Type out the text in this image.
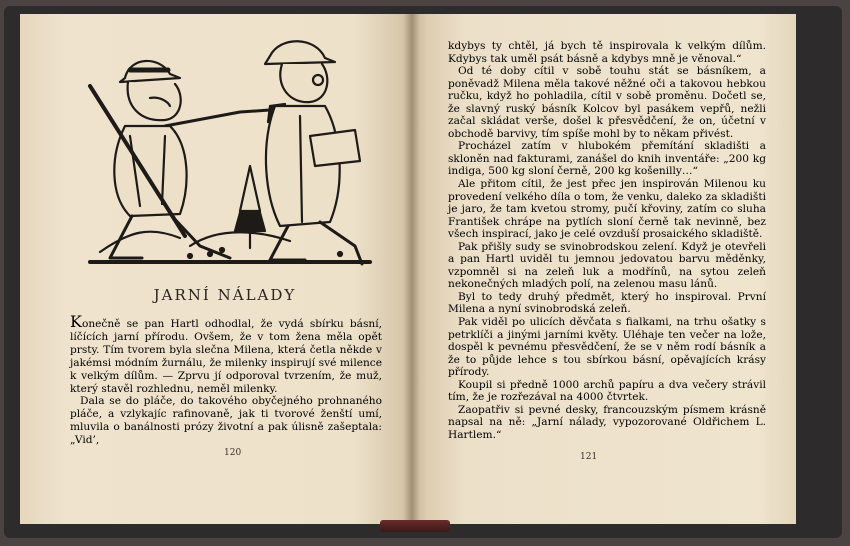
JARNÍ NÁLADY

Konečně se pan Hartl odhodlal, že vydá sbírku básní, líčících jarní přírodu. Ovšem, že v tom žena měla opět prsty. Tím tvorem byla slečna Milena, která četla někde v jakémsi módním žurnálu, že milenky inspirují své milence k velkým dílům. — Zprvu jí odporoval tvrzením, že muž, který stavěl rozhlednu, neměl milenky.

Dala se do pláče, do takového obyčejného prohnaného pláče, a vzlykajíc rafinovaně, jak ti tvorové ženští umí, mluvila o banálnosti prózy životní a pak úlisně zašeptala: „Vid’,

120

kdybys ty chtěl, já bych tě inspirovala k velkým dílům. Kdybys tak uměl psát básně a kdybys mně je věnoval.“

Od té doby cítil v sobě touhu stát se básníkem, a poněvadž Milena měla takové něžné oči a takovou hebkou ručku, když ho pohladila, cítil v sobě proměnu. Dočetl se, že slavný ruský básník Kolcov byl pasákem vepřů, nežli začal skládat verše, došel k přesvědčení, že on, účetní v obchodě barvivy, tím spíše mohl by to někam přivést.

Procházel zatím v hlubokém přemítání skladišti a skloněn nad fakturami, zanášel do knih inventáře: „200 kg indiga, 500 kg sloní černě, 200 kg košenilly…“

Ale přitom cítil, že jest přec jen inspirován Milenou ku provedení velkého díla o tom, že venku, daleko za skladišti je jaro, že tam kvetou stromy, pučí křoviny, zatím co sluha František chrápe na pytlích sloní černě tak nevinně, bez všech inspirací, jako je celé ovzduší prosaického skladiště.

Pak přišly sudy se svinobrodskou zelení. Když je otevřeli a pan Hartl uviděl tu jemnou jedovatou barvu měděnky, vzpomněl si na zeleň luk a modřínů, na sytou zeleň nekonečných mladých polí, na zelenou masu lánů.

Byl to tedy druhý předmět, který ho inspiroval. První Milena a nyní svinobrodská zeleň.

Pak viděl po ulicích děvčata s fialkami, na trhu ošatky s petrklíči a jinými jarními květy. Uléhaje ten večer na lože, dospěl k pevnému přesvědčení, že se v něm rodí básník a že to půjde lehce s tou sbírkou básní, opěvajících krásy přírody.

Koupil si předně 1000 archů papíru a dva večery strávil tím, že je rozřezával na 4000 čtvrtek.

Zaopatřiv si pevné desky, francouzským písmem krásně napsal na ně: „Jarní nálady, vypozorované Oldřichem L. Hartlem.“

121
